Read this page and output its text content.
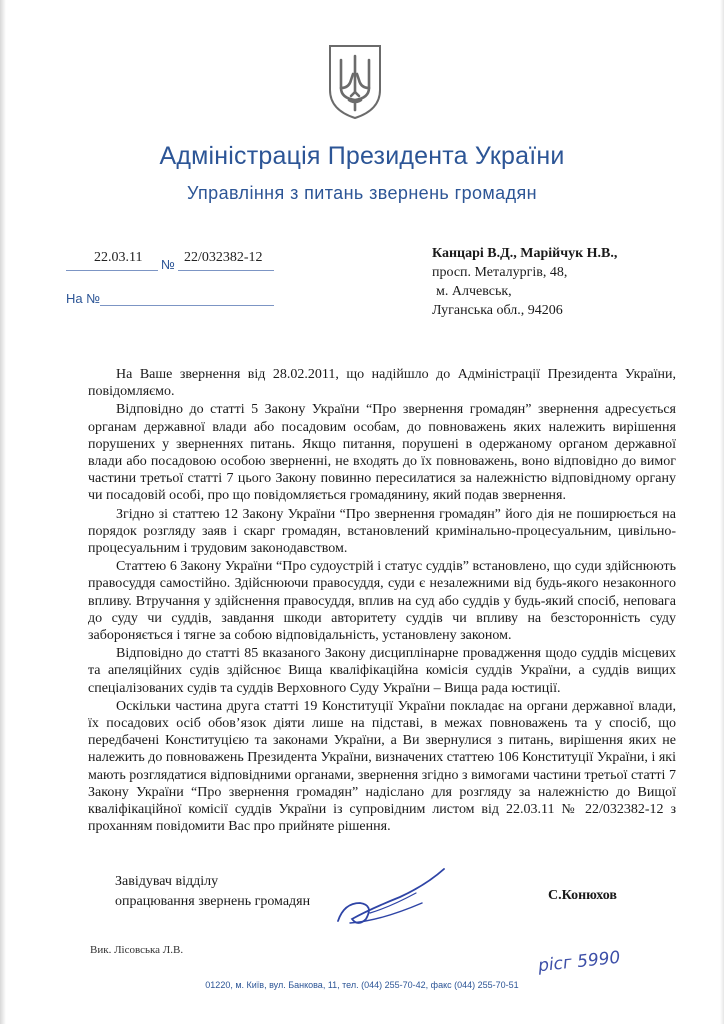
Адміністрація Президента України
Управління з питань звернень громадян
22.03.11 № 22/032382-12
На №
Канцарі В.Д., Марійчук Н.В.,
просп. Металургів, 48,
м. Алчевськ,
Луганська обл., 94206

На Ваше звернення від 28.02.2011, що надійшло до Адміністрації Президента України, повідомляємо.

Відповідно до статті 5 Закону України “Про звернення громадян” звернення адресується органам державної влади або посадовим особам, до повноважень яких належить вирішення порушених у зверненнях питань. Якщо питання, порушені в одержаному органом державної влади або посадовою особою зверненні, не входять до їх повноважень, воно відповідно до вимог частини третьої статті 7 цього Закону повинно пересилатися за належністю відповідному органу чи посадовій особі, про що повідомляється громадянину, який подав звернення.

Згідно зі статтею 12 Закону України “Про звернення громадян” його дія не поширюється на порядок розгляду заяв і скарг громадян, встановлений кримінально-процесуальним, цивільно-процесуальним і трудовим законодавством.

Статтею 6 Закону України “Про судоустрій і статус суддів” встановлено, що суди здійснюють правосуддя самостійно. Здійснюючи правосуддя, суди є незалежними від будь-якого незаконного впливу. Втручання у здійснення правосуддя, вплив на суд або суддів у будь-який спосіб, неповага до суду чи суддів, завдання шкоди авторитету суддів чи впливу на безсторонність суду забороняється і тягне за собою відповідальність, установлену законом.

Відповідно до статті 85 вказаного Закону дисциплінарне провадження щодо суддів місцевих та апеляційних судів здійснює Вища кваліфікаційна комісія суддів України, а суддів вищих спеціалізованих судів та суддів Верховного Суду України – Вища рада юстиції.

Оскільки частина друга статті 19 Конституції України покладає на органи державної влади, їх посадових осіб обов’язок діяти лише на підставі, в межах повноважень та у спосіб, що передбачені Конституцією та законами України, а Ви звернулися з питань, вирішення яких не належить до повноважень Президента України, визначених статтею 106 Конституції України, і які мають розглядатися відповідними органами, звернення згідно з вимогами частини третьої статті 7 Закону України “Про звернення громадян” надіслано для розгляду за належністю до Вищої кваліфікаційної комісії суддів України із супровідним листом від 22.03.11 № 22/032382-12 з проханням повідомити Вас про прийняте рішення.

Завідувач відділу
опрацювання звернень громадян	С.Конюхов
Вик. Лісовська Л.В.	рісг 5990
01220, м. Київ, вул. Банкова, 11, тел. (044) 255-70-42, факс (044) 255-70-51
